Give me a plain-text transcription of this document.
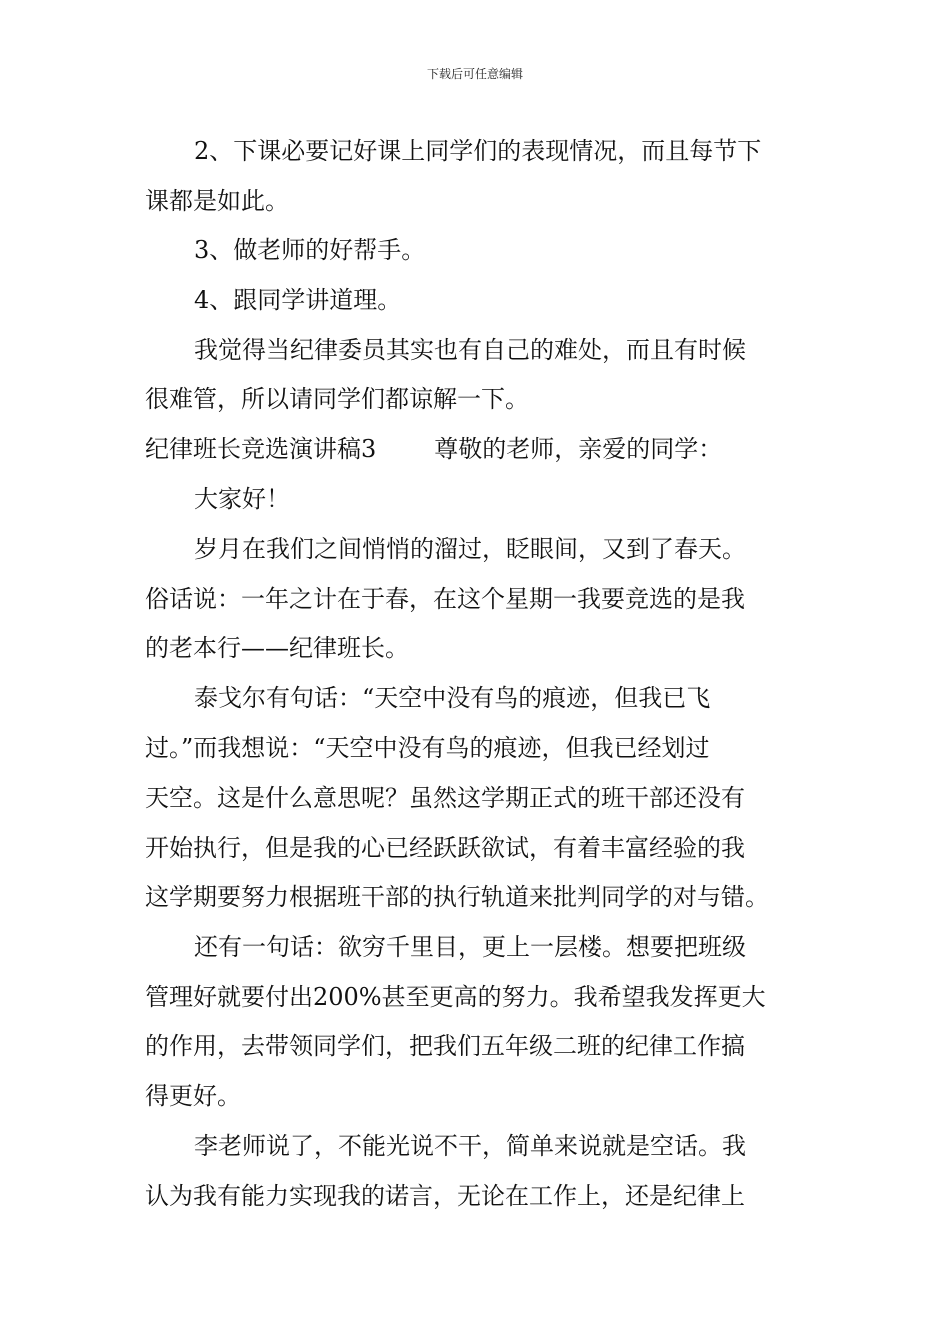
下载后可任意编辑
2、下课必要记好课上同学们的表现情况，而且每节下
课都是如此。
3、做老师的好帮手。
4、跟同学讲道理。
我觉得当纪律委员其实也有自己的难处，而且有时候
很难管，所以请同学们都谅解一下。
纪律班长竞选演讲稿3 尊敬的老师，亲爱的同学：
大家好！
岁月在我们之间悄悄的溜过，眨眼间，又到了春天。
俗话说：一年之计在于春，在这个星期一我要竞选的是我
的老本行——纪律班长。
泰戈尔有句话：“天空中没有鸟的痕迹，但我已飞
过。”而我想说：“天空中没有鸟的痕迹，但我已经划过
天空。这是什么意思呢？虽然这学期正式的班干部还没有
开始执行，但是我的心已经跃跃欲试，有着丰富经验的我
这学期要努力根据班干部的执行轨道来批判同学的对与错。
还有一句话：欲穷千里目，更上一层楼。想要把班级
管理好就要付出200%甚至更高的努力。我希望我发挥更大
的作用，去带领同学们，把我们五年级二班的纪律工作搞
得更好。
李老师说了，不能光说不干，简单来说就是空话。我
认为我有能力实现我的诺言，无论在工作上，还是纪律上
